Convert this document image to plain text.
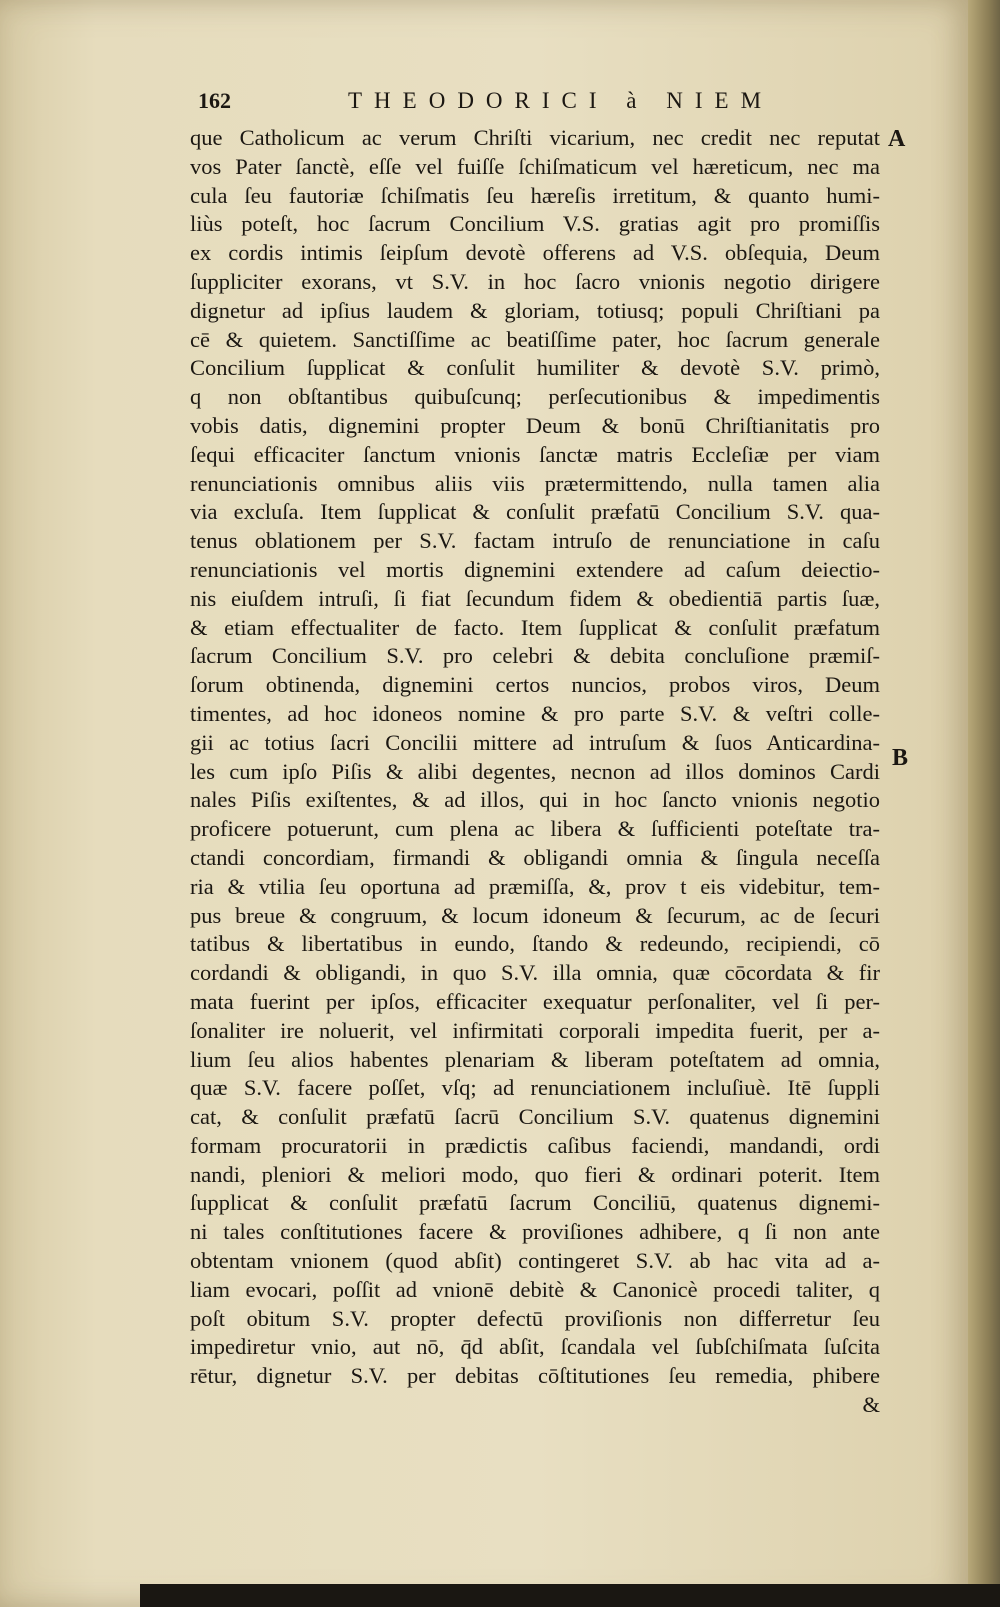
162	THEODORICI à NIEM
A
B
que Catholicum ac verum Chriſti vicarium, nec credit nec reputat
vos Pater ſanctè, eſſe vel fuiſſe ſchiſmaticum vel hæreticum, nec ma
cula ſeu fautoriæ ſchiſmatis ſeu hæreſis irretitum, & quanto humi-
liùs poteſt, hoc ſacrum Concilium V.S. gratias agit pro promiſſis
ex cordis intimis ſeipſum devotè offerens ad V.S. obſequia, Deum
ſuppliciter exorans, vt S.V. in hoc ſacro vnionis negotio dirigere
dignetur ad ipſius laudem & gloriam, totiusq; populi Chriſtiani pa
cē & quietem. Sanctiſſime ac beatiſſime pater, hoc ſacrum generale
Concilium ſupplicat & conſulit humiliter & devotè S.V. primò,
q non obſtantibus quibuſcunq; perſecutionibus & impedimentis
vobis datis, dignemini propter Deum & bonū Chriſtianitatis pro
ſequi efficaciter ſanctum vnionis ſanctæ matris Eccleſiæ per viam
renunciationis omnibus aliis viis prætermittendo, nulla tamen alia
via excluſa. Item ſupplicat & conſulit præfatū Concilium S.V. qua-
tenus oblationem per S.V. factam intruſo de renunciatione in caſu
renunciationis vel mortis dignemini extendere ad caſum deiectio-
nis eiuſdem intruſi, ſi fiat ſecundum fidem & obedientiā partis ſuæ,
& etiam effectualiter de facto. Item ſupplicat & conſulit præfatum
ſacrum Concilium S.V. pro celebri & debita concluſione præmiſ-
ſorum obtinenda, dignemini certos nuncios, probos viros, Deum
timentes, ad hoc idoneos nomine & pro parte S.V. & veſtri colle-
gii ac totius ſacri Concilii mittere ad intruſum & ſuos Anticardina-
les cum ipſo Piſis & alibi degentes, necnon ad illos dominos Cardi
nales Piſis exiſtentes, & ad illos, qui in hoc ſancto vnionis negotio
proficere potuerunt, cum plena ac libera & ſufficienti poteſtate tra-
ctandi concordiam, firmandi & obligandi omnia & ſingula neceſſa
ria & vtilia ſeu oportuna ad præmiſſa, &, prov t eis videbitur, tem-
pus breue & congruum, & locum idoneum & ſecurum, ac de ſecuri
tatibus & libertatibus in eundo, ſtando & redeundo, recipiendi, cō
cordandi & obligandi, in quo S.V. illa omnia, quæ cōcordata & fir
mata fuerint per ipſos, efficaciter exequatur perſonaliter, vel ſi per-
ſonaliter ire noluerit, vel infirmitati corporali impedita fuerit, per a-
lium ſeu alios habentes plenariam & liberam poteſtatem ad omnia,
quæ S.V. facere poſſet, vſq; ad renunciationem incluſiuè. Itē ſuppli
cat, & conſulit præfatū ſacrū Concilium S.V. quatenus dignemini
formam procuratorii in prædictis caſibus faciendi, mandandi, ordi
nandi, pleniori & meliori modo, quo fieri & ordinari poterit. Item
ſupplicat & conſulit præfatū ſacrum Conciliū, quatenus dignemi-
ni tales conſtitutiones facere & proviſiones adhibere, q ſi non ante
obtentam vnionem (quod abſit) contingeret S.V. ab hac vita ad a-
liam evocari, poſſit ad vnionē debitè & Canonicè procedi taliter, q
poſt obitum S.V. propter defectū proviſionis non differretur ſeu
impediretur vnio, aut nō, q̄d abſit, ſcandala vel ſubſchiſmata ſuſcita
rētur, dignetur S.V. per debitas cōſtitutiones ſeu remedia, phibere
&
